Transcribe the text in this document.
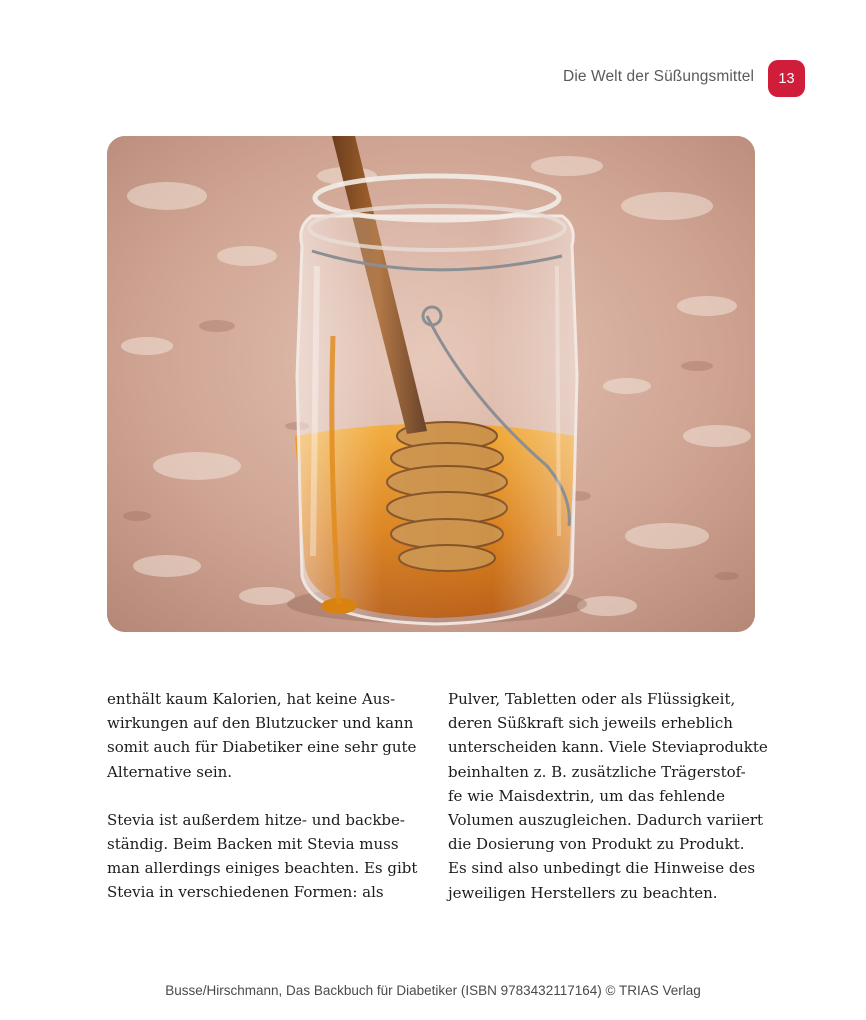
Die Welt der Süßungsmittel	13
enthält kaum Kalorien, hat keine Aus-
wirkungen auf den Blutzucker und kann
somit auch für Diabetiker eine sehr gute
Alternative sein.
Stevia ist außerdem hitze- und backbe-
ständig. Beim Backen mit Stevia muss
man allerdings einiges beachten. Es gibt
Stevia in verschiedenen Formen: als
Pulver, Tabletten oder als Flüssigkeit,
deren Süßkraft sich jeweils erheblich
unterscheiden kann. Viele Steviaprodukte
beinhalten z. B. zusätzliche Trägerstof-
fe wie Maisdextrin, um das fehlende
Volumen auszugleichen. Dadurch variiert
die Dosierung von Produkt zu Produkt.
Es sind also unbedingt die Hinweise des
jeweiligen Herstellers zu beachten.
Busse/Hirschmann, Das Backbuch für Diabetiker (ISBN 9783432117164) © TRIAS Verlag
